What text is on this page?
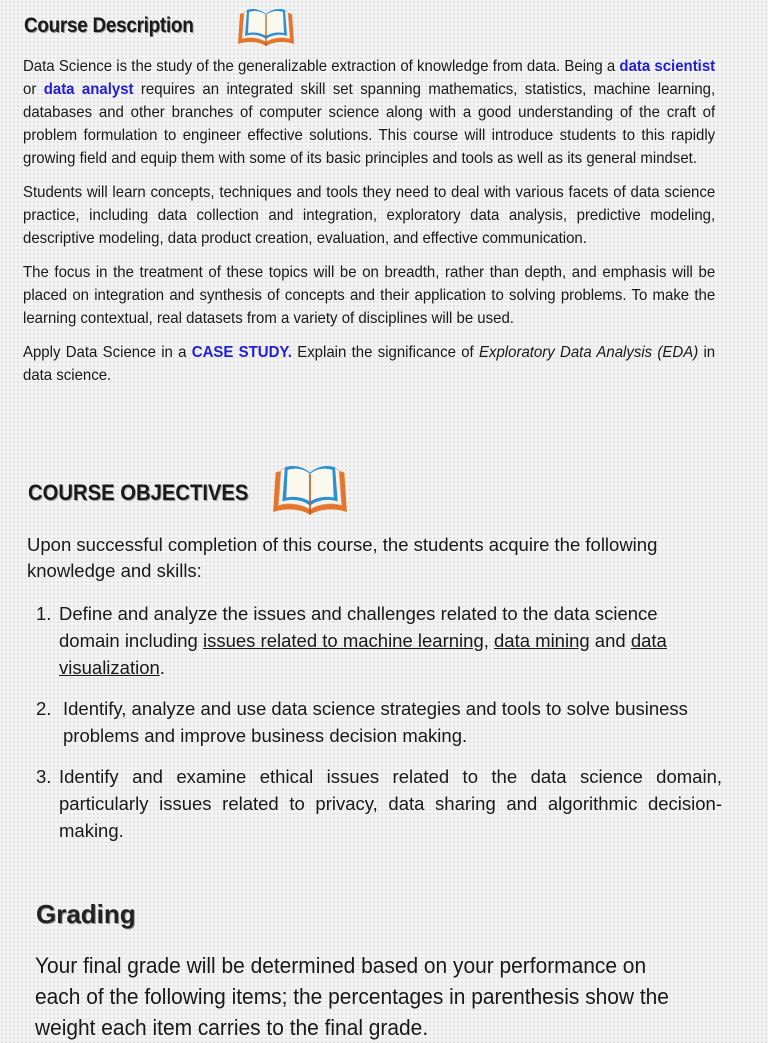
Course Description

Data Science is the study of the generalizable extraction of knowledge from data. Being a data scientist or data analyst requires an integrated skill set spanning mathematics, statistics, machine learning, databases and other branches of computer science along with a good understanding of the craft of problem formulation to engineer effective solutions. This course will introduce students to this rapidly growing field and equip them with some of its basic principles and tools as well as its general mindset.

Students will learn concepts, techniques and tools they need to deal with various facets of data science practice, including data collection and integration, exploratory data analysis, predictive modeling, descriptive modeling, data product creation, evaluation, and effective communication.

The focus in the treatment of these topics will be on breadth, rather than depth, and emphasis will be placed on integration and synthesis of concepts and their application to solving problems. To make the learning contextual, real datasets from a variety of disciplines will be used.

Apply Data Science in a CASE STUDY. Explain the significance of Exploratory Data Analysis (EDA) in data science.

COURSE OBJECTIVES
Upon successful completion of this course, the students acquire the following knowledge and skills:
1. Define and analyze the issues and challenges related to the data science domain including issues related to machine learning, data mining and data visualization.
2. Identify, analyze and use data science strategies and tools to solve business problems and improve business decision making.
3. Identify and examine ethical issues related to the data science domain, particularly issues related to privacy, data sharing and algorithmic decision-making.
Grading
Your final grade will be determined based on your performance on each of the following items; the percentages in parenthesis show the weight each item carries to the final grade.
